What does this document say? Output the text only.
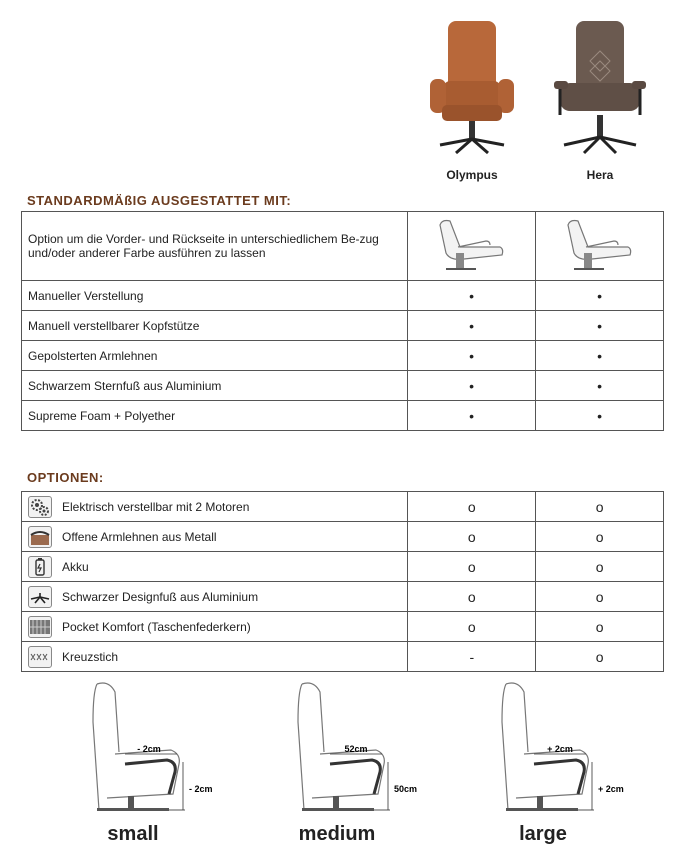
Olympus	Hera
STANDARDMÄßIG AUSGESTATTET MIT:
Option um die Vorder- und Rückseite in unterschiedlichem Be-zug und/oder anderer Farbe ausführen zu lassen		
Manueller Verstellung	•	•
Manuell verstellbarer Kopfstütze	•	•
Gepolsterten Armlehnen	•	•
Schwarzem Sternfuß aus Aluminium	•	•
Supreme Foam + Polyether	•	•
OPTIONEN:
Elektrisch verstellbar mit 2 Motoren	o	o
Offene Armlehnen aus Metall	o	o
Akku	o	o
Schwarzer Designfuß aus Aluminium	o	o
Pocket Komfort (Taschenfederkern)	o	o
Kreuzstich	-	o
- 2cm
- 2cm
small
52cm
50cm
medium
+ 2cm
+ 2cm
large
